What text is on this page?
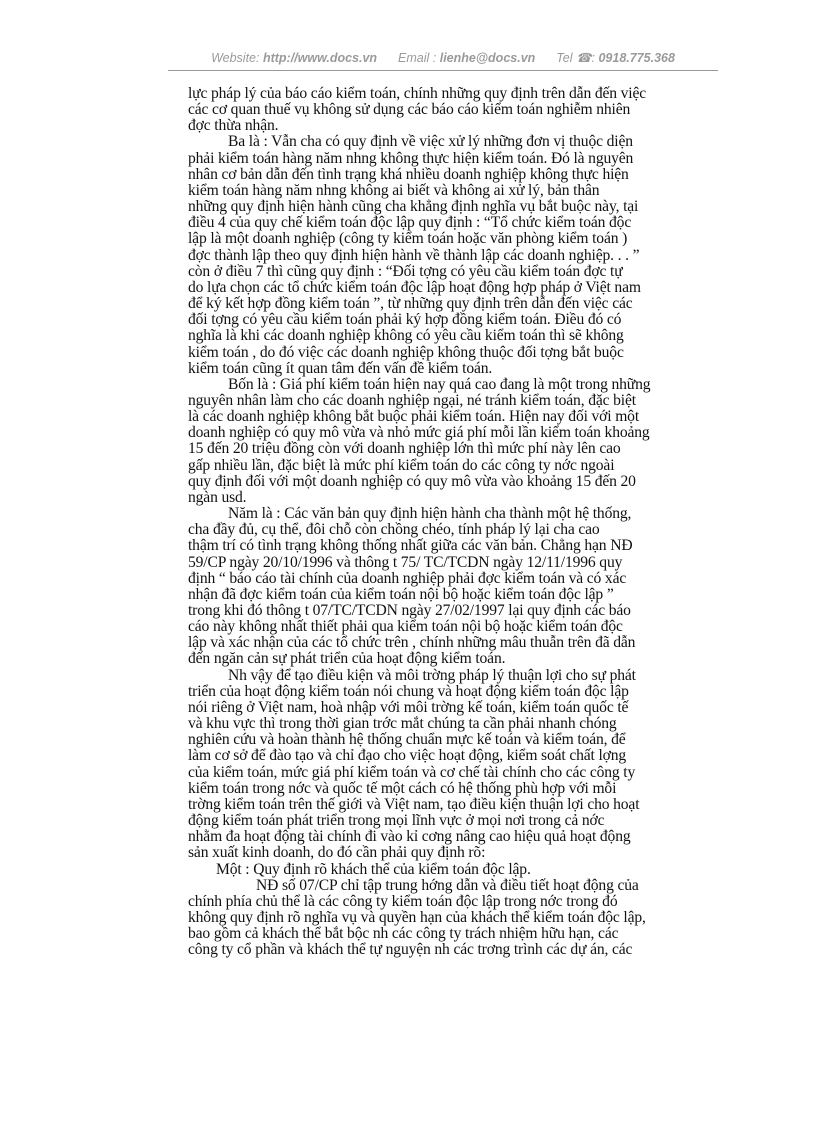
Website: http://www.docs.vn Email : lienhe@docs.vn Tel ☎: 0918.775.368
lực pháp lý của báo cáo kiểm toán, chính những quy định trên dẫn đến việc
các cơ quan thuế vụ không sử dụng các báo cáo kiểm toán nghiễm nhiên
đợc thừa nhận.
Ba là : Vẫn cha có quy định về việc xử lý những đơn vị thuộc diện
phải kiểm toán hàng năm nhng không thực hiện kiểm toán. Đó là nguyên
nhân cơ bản dẫn đến tình trạng khá nhiều doanh nghiệp không thực hiện
kiểm toán hàng năm nhng không ai biết và không ai xử lý, bản thân
những quy định hiện hành cũng cha khẳng định nghĩa vụ bắt buộc này, tại
điều 4 của quy chế kiểm toán độc lập quy định : “Tổ chức kiểm toán độc
lập là một doanh nghiệp (công ty kiểm toán hoặc văn phòng kiểm toán )
đợc thành lập theo quy định hiện hành về thành lập các doanh nghiệp. . . ”
còn ở điều 7 thì cũng quy định : “Đối tợng có yêu cầu kiểm toán đợc tự
do lựa chọn các tổ chức kiểm toán độc lập hoạt động hợp pháp ở Việt nam
để ký kết hợp đồng kiểm toán ”, từ những quy định trên dẫn đến việc các
đối tợng có yêu cầu kiểm toán phải ký hợp đồng kiểm toán. Điều đó có
nghĩa là khi các doanh nghiệp không có yêu cầu kiểm toán thì sẽ không
kiểm toán , do đó việc các doanh nghiệp không thuộc đối tợng bắt buộc
kiểm toán cũng ít quan tâm đến vấn đề kiểm toán.
Bốn là : Giá phí kiểm toán hiện nay quá cao đang là một trong những
nguyên nhân làm cho các doanh nghiệp ngại, né tránh kiểm toán, đặc biệt
là các doanh nghiệp không bắt buộc phải kiểm toán. Hiện nay đối với một
doanh nghiệp có quy mô vừa và nhỏ mức giá phí mỗi lần kiểm toán khoảng
15 đến 20 triệu đồng còn với doanh nghiệp lớn thì mức phí này lên cao
gấp nhiều lần, đặc biệt là mức phí kiểm toán do các công ty nớc ngoài
quy định đối với một doanh nghiệp có quy mô vừa vào khoảng 15 đến 20
ngàn usd.
Năm là : Các văn bản quy định hiện hành cha thành một hệ thống,
cha đầy đủ, cụ thể, đôi chỗ còn chồng chéo, tính pháp lý lại cha cao
thậm trí có tình trạng không thống nhất giữa các văn bản. Chẳng hạn NĐ
59/CP ngày 20/10/1996 và thông t 75/ TC/TCDN ngày 12/11/1996 quy
định “ báo cáo tài chính của doanh nghiệp phải đợc kiểm toán và có xác
nhận đã đợc kiểm toán của kiểm toán nội bộ hoặc kiểm toán độc lập ”
trong khi đó thông t 07/TC/TCDN ngày 27/02/1997 lại quy định các báo
cáo này không nhất thiết phải qua kiểm toán nội bộ hoặc kiểm toán độc
lập và xác nhận của các tổ chức trên , chính những mâu thuẫn trên đã dẫn
đến ngăn cản sự phát triển của hoạt động kiểm toán.
Nh vậy để tạo điều kiện và môi trờng pháp lý thuận lợi cho sự phát
triển của hoạt động kiểm toán nói chung và hoạt động kiểm toán độc lập
nói riêng ở Việt nam, hoà nhập với môi trờng kế toán, kiểm toán quốc tế
và khu vực thì trong thời gian trớc mắt chúng ta cần phải nhanh chóng
nghiên cứu và hoàn thành hệ thống chuẩn mực kế toán và kiểm toán, để
làm cơ sở để đào tạo và chỉ đạo cho việc hoạt động, kiểm soát chất lợng
của kiểm toán, mức giá phí kiểm toán và cơ chế tài chính cho các công ty
kiểm toán trong nớc và quốc tế một cách có hệ thống phù hợp với mỗi
trờng kiểm toán trên thế giới và Việt nam, tạo điều kiện thuận lợi cho hoạt
động kiểm toán phát triển trong mọi lĩnh vực ở mọi nơi trong cả nớc
nhằm đa hoạt động tài chính đi vào kỉ cơng nâng cao hiệu quả hoạt động
sản xuất kinh doanh, do đó cần phải quy định rõ:
Một : Quy định rõ khách thể của kiểm toán độc lập.
NĐ số 07/CP chỉ tập trung hớng dẫn và điều tiết hoạt động của
chính phía chủ thể là các công ty kiểm toán độc lập trong nớc trong đó
không quy định rõ nghĩa vụ và quyền hạn của khách thể kiểm toán độc lập,
bao gồm cả khách thể bắt bộc nh các công ty trách nhiệm hữu hạn, các
công ty cổ phần và khách thể tự nguyện nh các trơng trình các dự án, các
